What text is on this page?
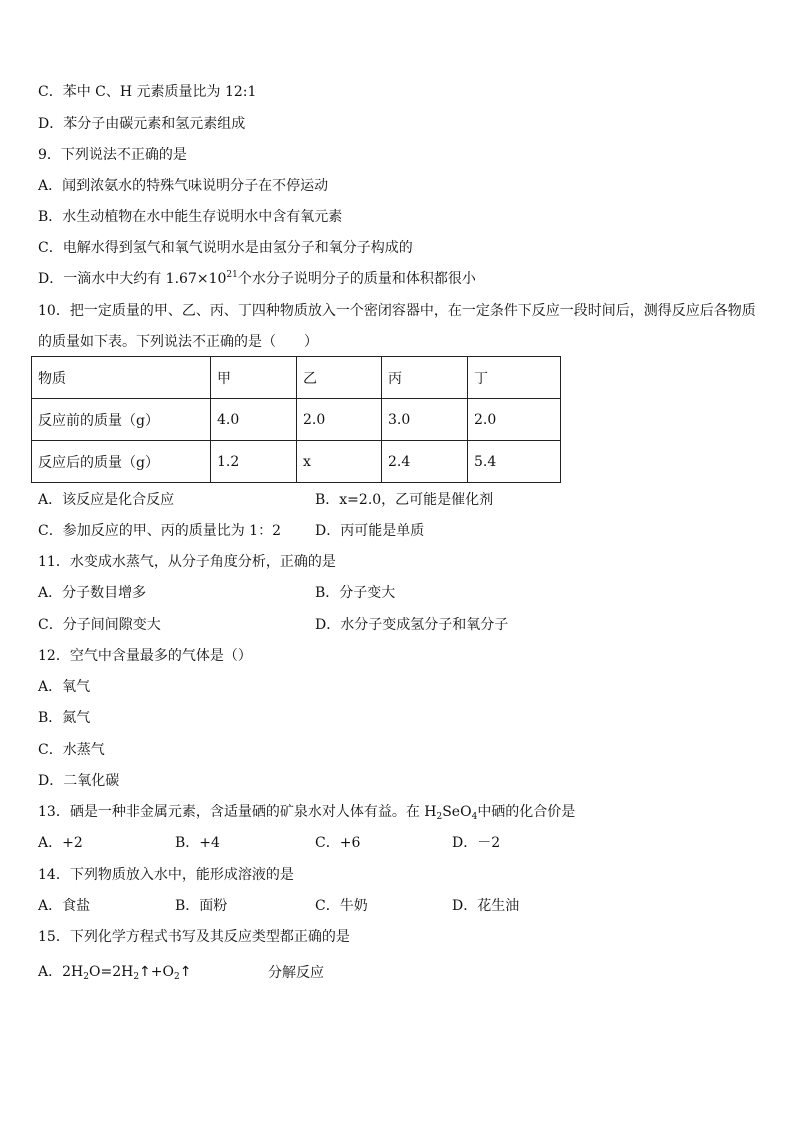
C．苯中 C、H 元素质量比为 12:1
D．苯分子由碳元素和氢元素组成
9．下列说法不正确的是
A．闻到浓氨水的特殊气味说明分子在不停运动
B．水生动植物在水中能生存说明水中含有氧元素
C．电解水得到氢气和氧气说明水是由氢分子和氧分子构成的
D．一滴水中大约有 $1.67\times 10^{21}$个水分子说明分子的质量和体积都很小
10．把一定质量的甲、乙、丙、丁四种物质放入一个密闭容器中，在一定条件下反应一段时间后，测得反应后各物质
的质量如下表。下列说法不正确的是（　　）
物质	甲	乙	丙	丁
反应前的质量（g）	4.0	2.0	3.0	2.0
反应后的质量（g）	1.2	x	2.4	5.4
A．该反应是化合反应	B．x=2.0，乙可能是催化剂
C．参加反应的甲、丙的质量比为 1：2 D．丙可能是单质
11．水变成水蒸气，从分子角度分析，正确的是
A．分子数目增多	B．分子变大
C．分子间间隙变大	D．水分子变成氢分子和氧分子
12．空气中含量最多的气体是（）
A．氧气
B．氮气
C．水蒸气
D．二氧化碳
13．硒是一种非金属元素，含适量硒的矿泉水对人体有益。在 $H_2SeO_4$中硒的化合价是
A．+2	B．+4	C．+6	D．－2
14．下列物质放入水中，能形成溶液的是
A．食盐	B．面粉	C．牛奶	D．花生油
15．下列化学方程式书写及其反应类型都正确的是
A．$2H_2O=2H_2↑+O_2↑$	分解反应
